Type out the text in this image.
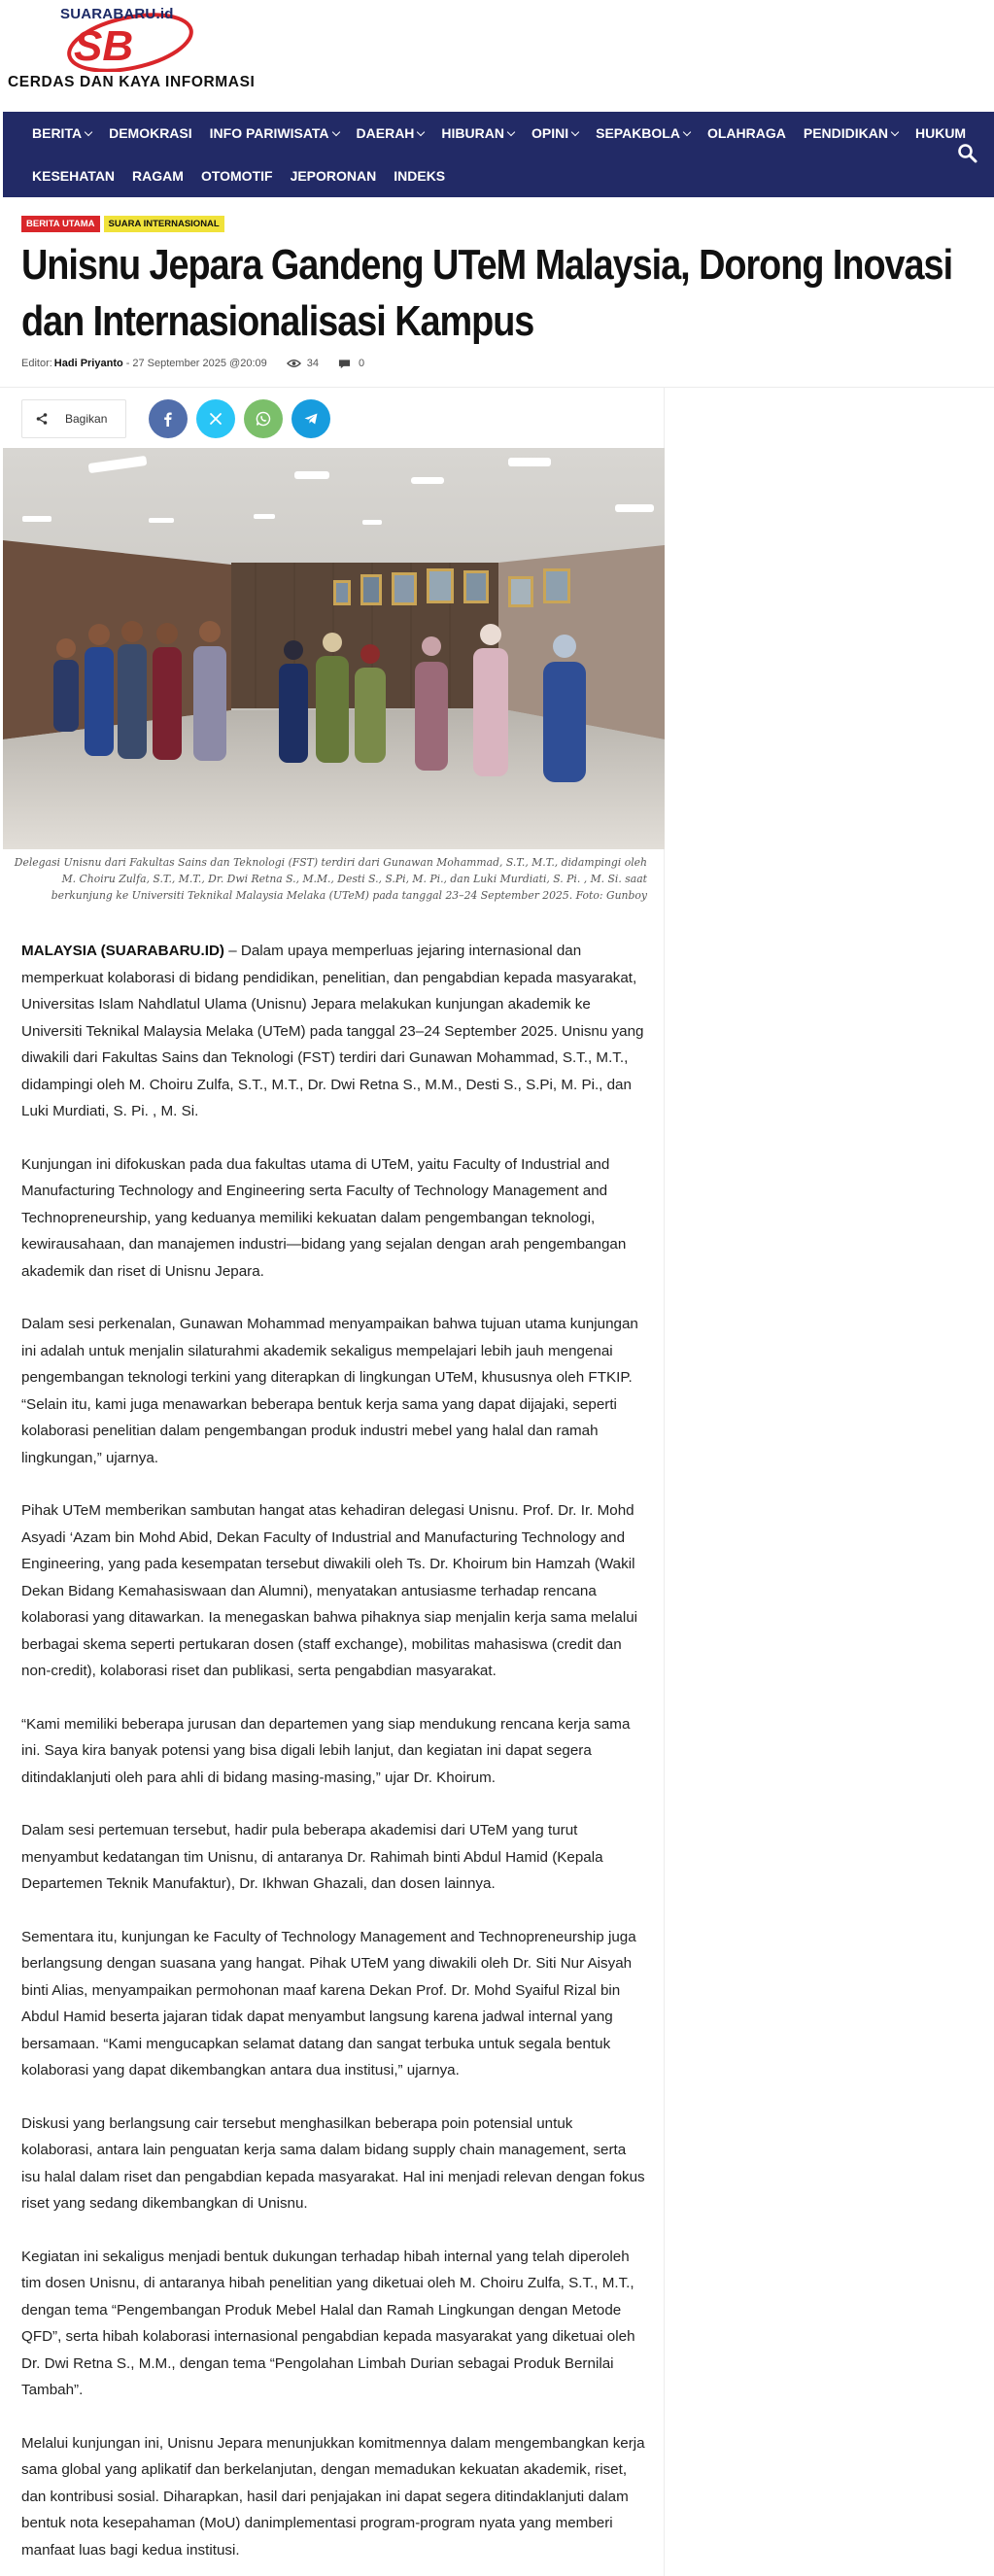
SB
SUARABARU.id
CERDAS DAN KAYA INFORMASI
BERITA DEMOKRASI INFO PARIWISATA DAERAH HIBURAN OPINI SEPAKBOLA OLAHRAGA PENDIDIKAN HUKUM
KESEHATAN RAGAM OTOMOTIF JEPORONAN INDEKS
BERITA UTAMA	SUARA INTERNASIONAL
Unisnu Jepara Gandeng UTeM Malaysia, Dorong Inovasi dan Internasionalisasi Kampus
Editor: Hadi Priyanto - 27 September 2025 @20:09	34	0
Bagikan
Delegasi Unisnu dari Fakultas Sains dan Teknologi (FST) terdiri dari Gunawan Mohammad, S.T., M.T., didampingi oleh M. Choiru Zulfa, S.T., M.T., Dr. Dwi Retna S., M.M., Desti S., S.Pi, M. Pi., dan Luki Murdiati, S. Pi. , M. Si. saat berkunjung ke Universiti Teknikal Malaysia Melaka (UTeM) pada tanggal 23–24 September 2025. Foto: Gunboy

MALAYSIA (SUARABARU.ID) – Dalam upaya memperluas jejaring internasional dan memperkuat kolaborasi di bidang pendidikan, penelitian, dan pengabdian kepada masyarakat, Universitas Islam Nahdlatul Ulama (Unisnu) Jepara melakukan kunjungan akademik ke Universiti Teknikal Malaysia Melaka (UTeM) pada tanggal 23–24 September 2025. Unisnu yang diwakili dari Fakultas Sains dan Teknologi (FST) terdiri dari Gunawan Mohammad, S.T., M.T., didampingi oleh M. Choiru Zulfa, S.T., M.T., Dr. Dwi Retna S., M.M., Desti S., S.Pi, M. Pi., dan Luki Murdiati, S. Pi. , M. Si.

Kunjungan ini difokuskan pada dua fakultas utama di UTeM, yaitu Faculty of Industrial and Manufacturing Technology and Engineering serta Faculty of Technology Management and Technopreneurship, yang keduanya memiliki kekuatan dalam pengembangan teknologi, kewirausahaan, dan manajemen industri—bidang yang sejalan dengan arah pengembangan akademik dan riset di Unisnu Jepara.

Dalam sesi perkenalan, Gunawan Mohammad menyampaikan bahwa tujuan utama kunjungan ini adalah untuk menjalin silaturahmi akademik sekaligus mempelajari lebih jauh mengenai pengembangan teknologi terkini yang diterapkan di lingkungan UTeM, khususnya oleh FTKIP. “Selain itu, kami juga menawarkan beberapa bentuk kerja sama yang dapat dijajaki, seperti kolaborasi penelitian dalam pengembangan produk industri mebel yang halal dan ramah lingkungan,” ujarnya.

Pihak UTeM memberikan sambutan hangat atas kehadiran delegasi Unisnu. Prof. Dr. Ir. Mohd Asyadi ‘Azam bin Mohd Abid, Dekan Faculty of Industrial and Manufacturing Technology and Engineering, yang pada kesempatan tersebut diwakili oleh Ts. Dr. Khoirum bin Hamzah (Wakil Dekan Bidang Kemahasiswaan dan Alumni), menyatakan antusiasme terhadap rencana kolaborasi yang ditawarkan. Ia menegaskan bahwa pihaknya siap menjalin kerja sama melalui berbagai skema seperti pertukaran dosen (staff exchange), mobilitas mahasiswa (credit dan non-credit), kolaborasi riset dan publikasi, serta pengabdian masyarakat.

“Kami memiliki beberapa jurusan dan departemen yang siap mendukung rencana kerja sama ini. Saya kira banyak potensi yang bisa digali lebih lanjut, dan kegiatan ini dapat segera ditindaklanjuti oleh para ahli di bidang masing-masing,” ujar Dr. Khoirum.

Dalam sesi pertemuan tersebut, hadir pula beberapa akademisi dari UTeM yang turut menyambut kedatangan tim Unisnu, di antaranya Dr. Rahimah binti Abdul Hamid (Kepala Departemen Teknik Manufaktur), Dr. Ikhwan Ghazali, dan dosen lainnya.

Sementara itu, kunjungan ke Faculty of Technology Management and Technopreneurship juga berlangsung dengan suasana yang hangat. Pihak UTeM yang diwakili oleh Dr. Siti Nur Aisyah binti Alias, menyampaikan permohonan maaf karena Dekan Prof. Dr. Mohd Syaiful Rizal bin Abdul Hamid beserta jajaran tidak dapat menyambut langsung karena jadwal internal yang bersamaan. “Kami mengucapkan selamat datang dan sangat terbuka untuk segala bentuk kolaborasi yang dapat dikembangkan antara dua institusi,” ujarnya.

Diskusi yang berlangsung cair tersebut menghasilkan beberapa poin potensial untuk kolaborasi, antara lain penguatan kerja sama dalam bidang supply chain management, serta isu halal dalam riset dan pengabdian kepada masyarakat. Hal ini menjadi relevan dengan fokus riset yang sedang dikembangkan di Unisnu.

Kegiatan ini sekaligus menjadi bentuk dukungan terhadap hibah internal yang telah diperoleh tim dosen Unisnu, di antaranya hibah penelitian yang diketuai oleh M. Choiru Zulfa, S.T., M.T., dengan tema “Pengembangan Produk Mebel Halal dan Ramah Lingkungan dengan Metode QFD”, serta hibah kolaborasi internasional pengabdian kepada masyarakat yang diketuai oleh Dr. Dwi Retna S., M.M., dengan tema “Pengolahan Limbah Durian sebagai Produk Bernilai Tambah”.

Melalui kunjungan ini, Unisnu Jepara menunjukkan komitmennya dalam mengembangkan kerja sama global yang aplikatif dan berkelanjutan, dengan memadukan kekuatan akademik, riset, dan kontribusi sosial. Diharapkan, hasil dari penjajakan ini dapat segera ditindaklanjuti dalam bentuk nota kesepahaman (MoU) danimplementasi program-program nyata yang memberi manfaat luas bagi kedua institusi.
